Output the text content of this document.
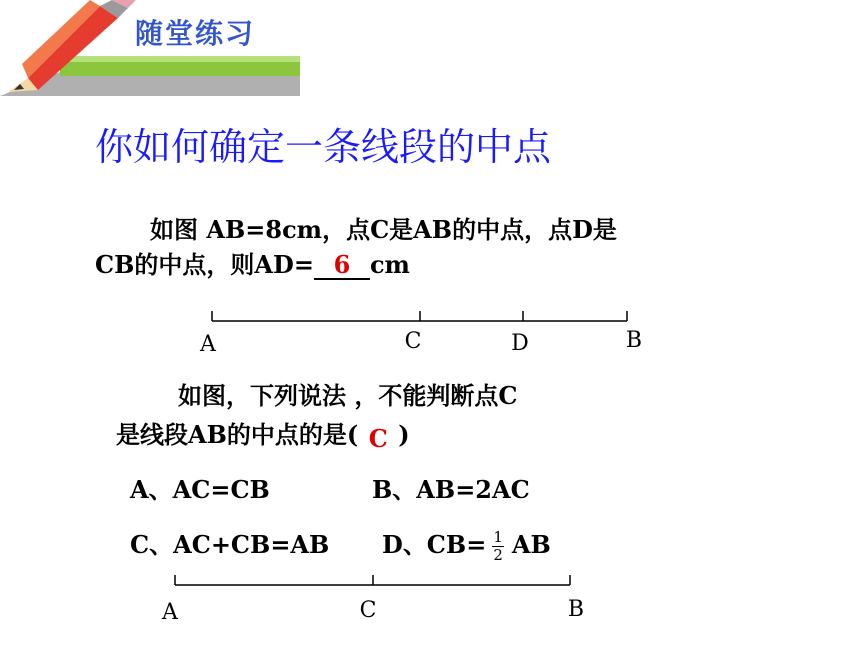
随堂练习
你如何确定一条线段的中点
如图 AB=8cm，点C是AB的中点，点D是
CB的中点，则AD= 6 cm
A	C	D	B
如图，下列说法 ，不能判断点C
是线段AB的中点的是( C )
A、AC=CB	B、AB=2AC
C、AC+CB=AB D、$CB= \frac{1}{2}$ AB
A	C	B
